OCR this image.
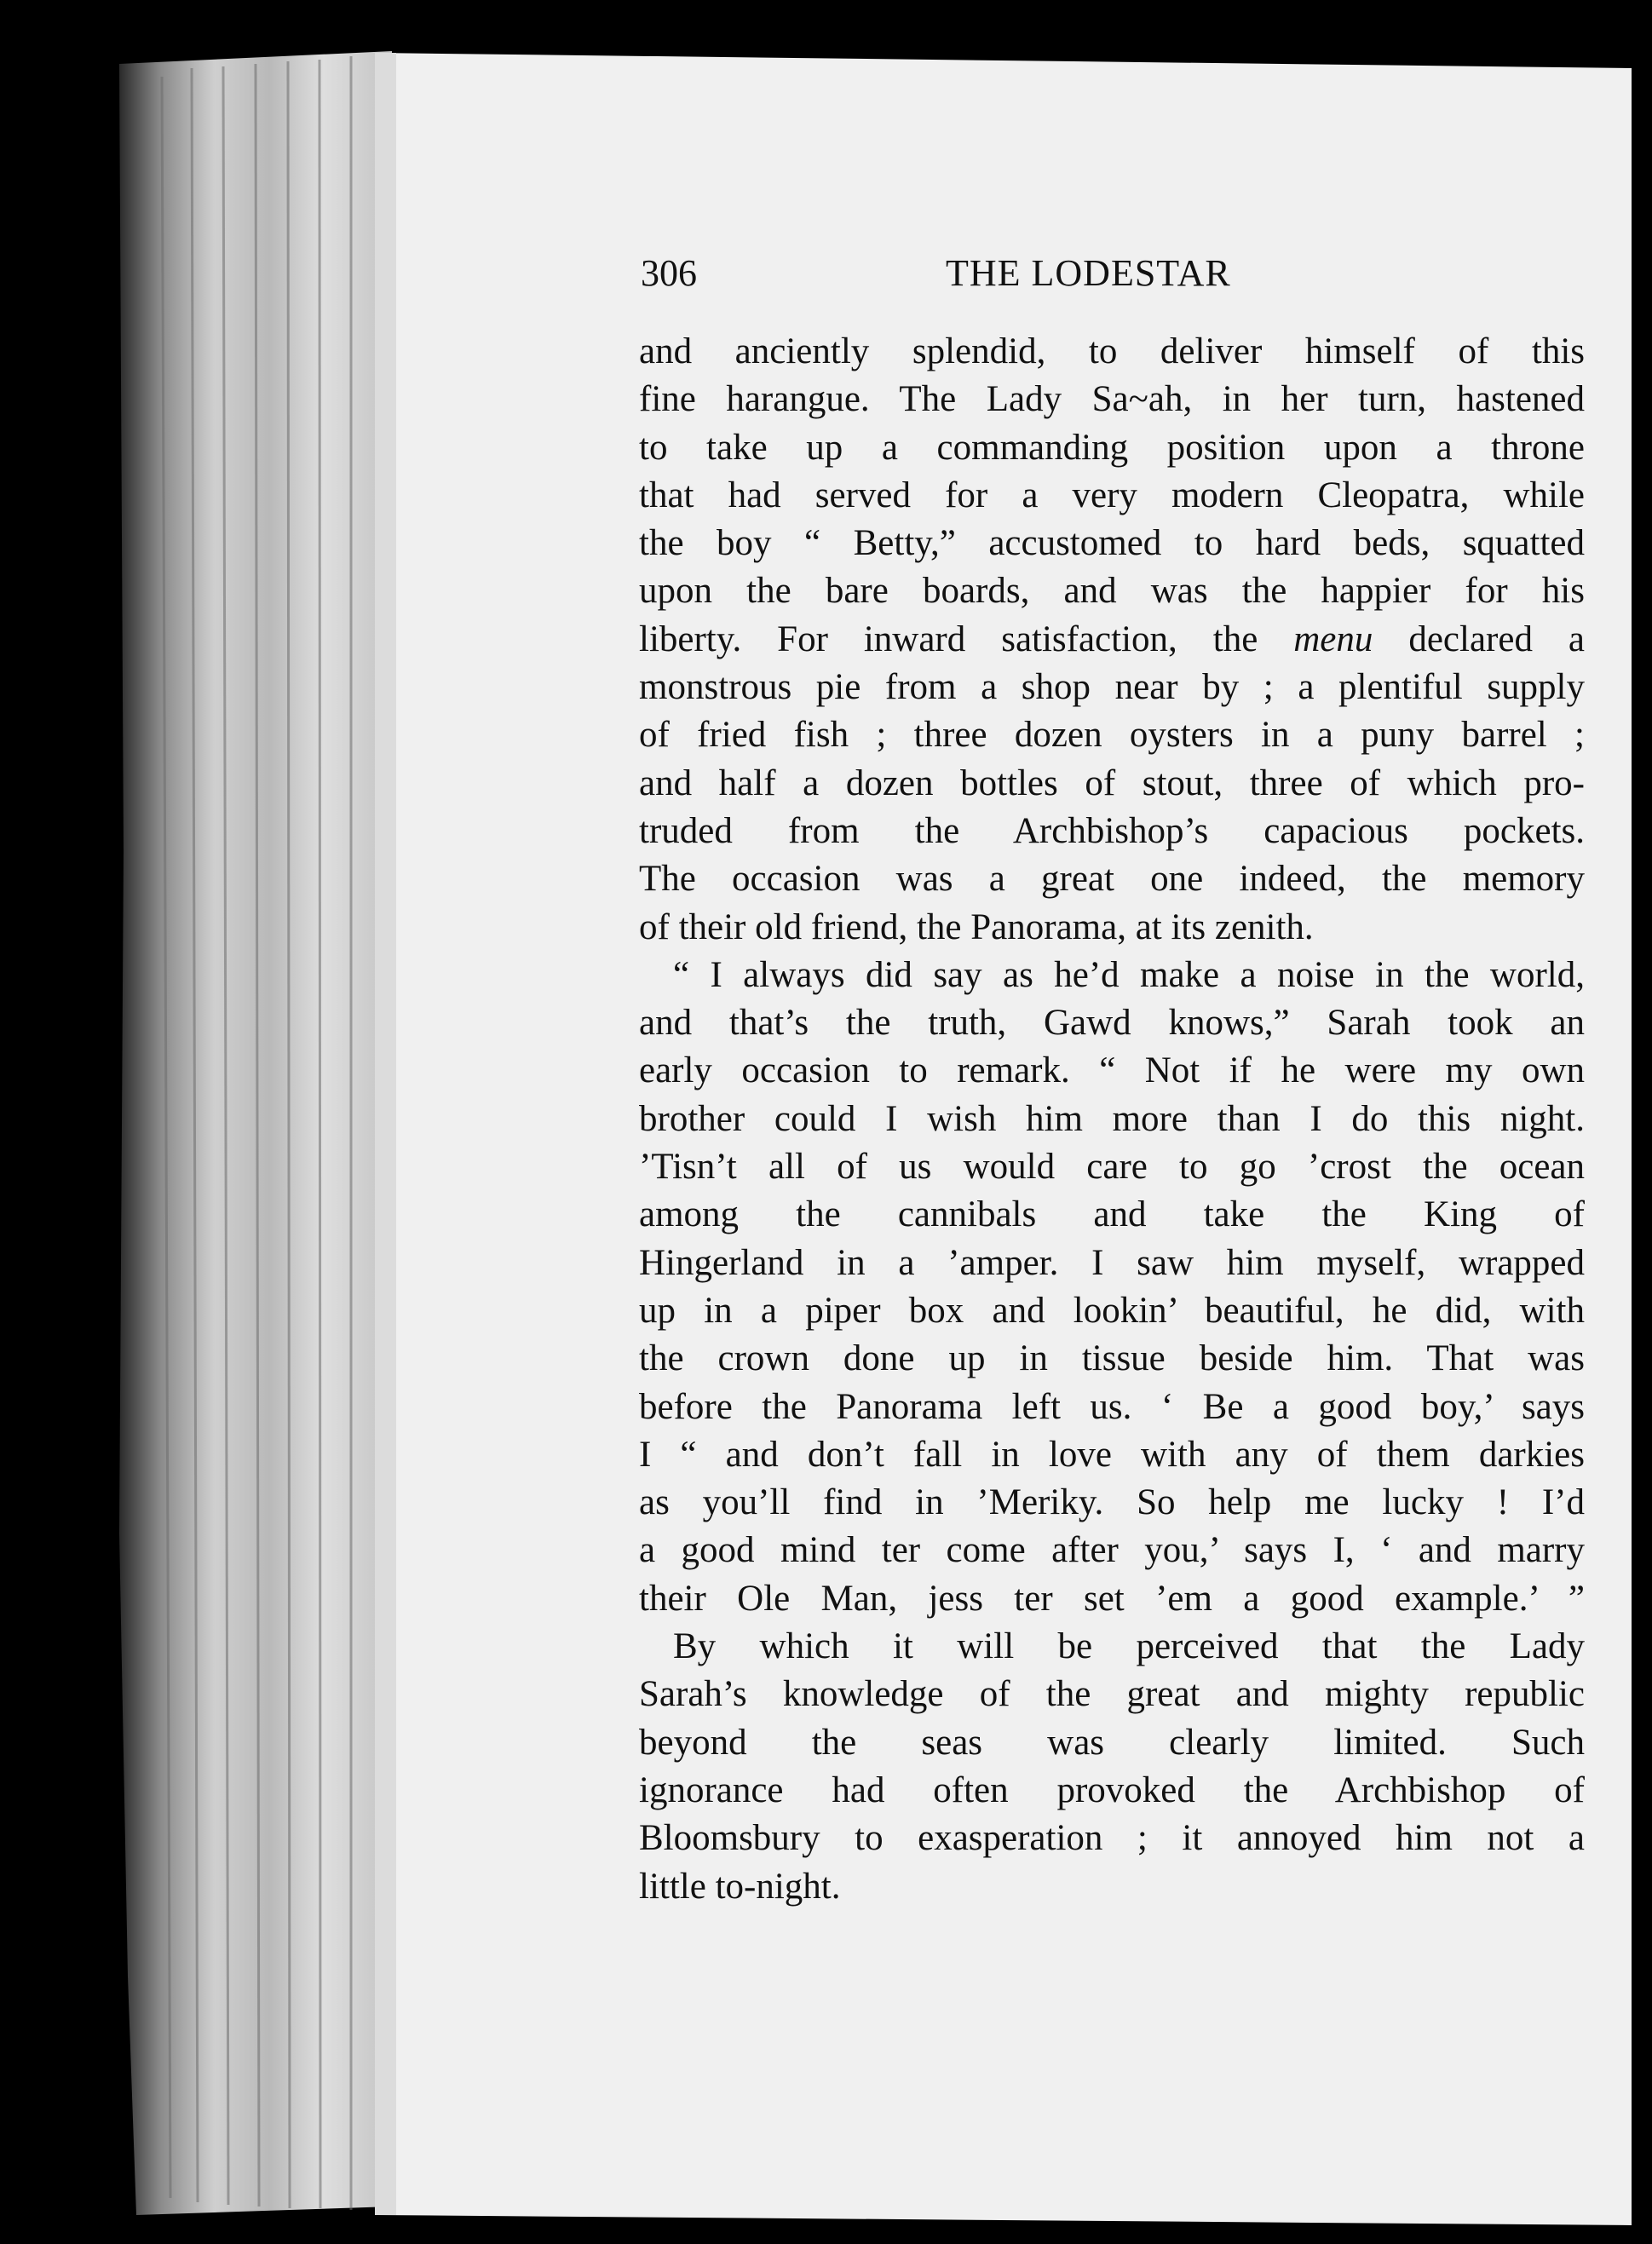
306	THE LODESTAR
and anciently splendid, to deliver himself of this
fine harangue. The Lady Sa~ah, in her turn, hastened
to take up a commanding position upon a throne
that had served for a very modern Cleopatra, while
the boy “ Betty,” accustomed to hard beds, squatted
upon the bare boards, and was the happier for his
liberty. For inward satisfaction, the menu declared a
monstrous pie from a shop near by ; a plentiful supply
of fried fish ; three dozen oysters in a puny barrel ;
and half a dozen bottles of stout, three of which pro-
truded from the Archbishop’s capacious pockets.
The occasion was a great one indeed, the memory
of their old friend, the Panorama, at its zenith.
“ I always did say as he’d make a noise in the world,
and that’s the truth, Gawd knows,” Sarah took an
early occasion to remark. “ Not if he were my own
brother could I wish him more than I do this night.
’Tisn’t all of us would care to go ’crost the ocean
among the cannibals and take the King of
Hingerland in a ’amper. I saw him myself, wrapped
up in a piper box and lookin’ beautiful, he did, with
the crown done up in tissue beside him. That was
before the Panorama left us. ‘ Be a good boy,’ says
I “ and don’t fall in love with any of them darkies
as you’ll find in ’Meriky. So help me lucky ! I’d
a good mind ter come after you,’ says I, ‘ and marry
their Ole Man, jess ter set ’em a good example.’ ”
By which it will be perceived that the Lady
Sarah’s knowledge of the great and mighty republic
beyond the seas was clearly limited. Such
ignorance had often provoked the Archbishop of
Bloomsbury to exasperation ; it annoyed him not a
little to-night.
